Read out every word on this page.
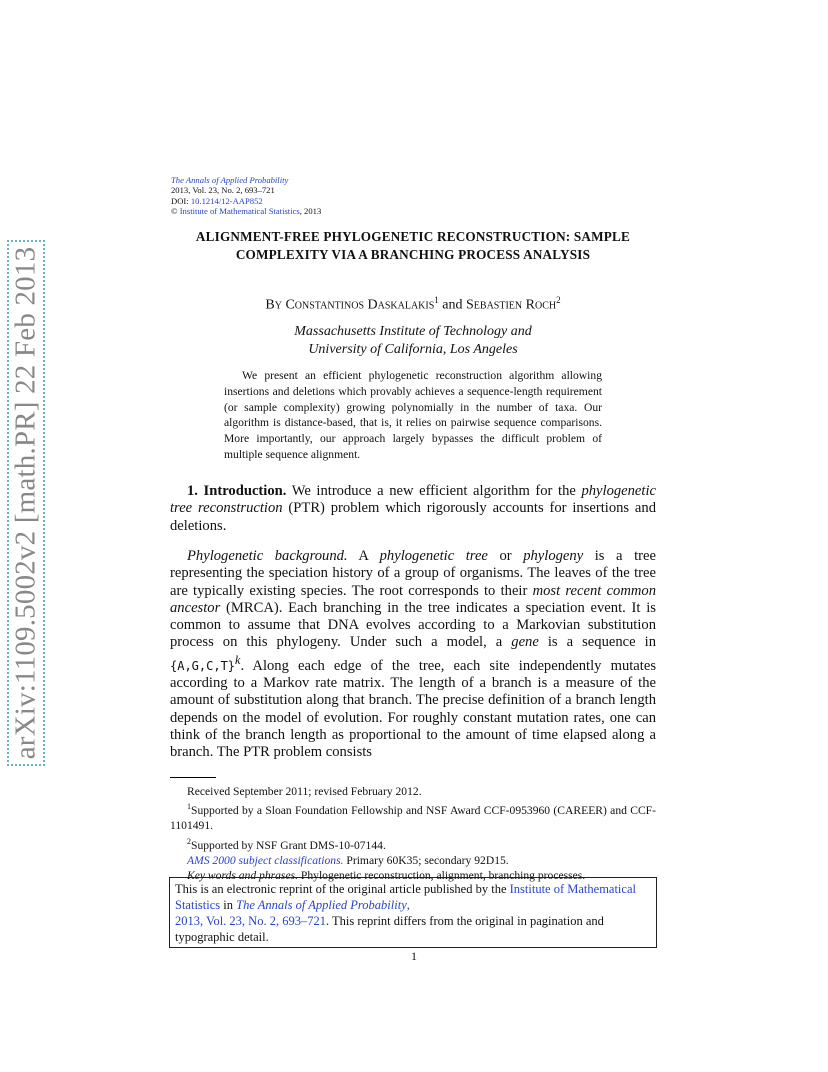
arXiv:1109.5002v2 [math.PR] 22 Feb 2013
The Annals of Applied Probability
2013, Vol. 23, No. 2, 693–721
DOI: 10.1214/12-AAP852
© Institute of Mathematical Statistics, 2013
ALIGNMENT-FREE PHYLOGENETIC RECONSTRUCTION: SAMPLE COMPLEXITY VIA A BRANCHING PROCESS ANALYSIS
By Constantinos Daskalakis$^1$ and Sebastien Roch$^2$
Massachusetts Institute of Technology and
University of California, Los Angeles
We present an efficient phylogenetic reconstruction algorithm allowing insertions and deletions which provably achieves a sequence-length requirement (or sample complexity) growing polynomially in the number of taxa. Our algorithm is distance-based, that is, it relies on pairwise sequence comparisons. More importantly, our approach largely bypasses the difficult problem of multiple sequence alignment.
1. Introduction. We introduce a new efficient algorithm for the phylogenetic tree reconstruction (PTR) problem which rigorously accounts for insertions and deletions.
Phylogenetic background. A phylogenetic tree or phylogeny is a tree representing the speciation history of a group of organisms. The leaves of the tree are typically existing species. The root corresponds to their most recent common ancestor (MRCA). Each branching in the tree indicates a speciation event. It is common to assume that DNA evolves according to a Markovian substitution process on this phylogeny. Under such a model, a gene is a sequence in $\{A,G,C,T\}^k$. Along each edge of the tree, each site independently mutates according to a Markov rate matrix. The length of a branch is a measure of the amount of substitution along that branch. The precise definition of a branch length depends on the model of evolution. For roughly constant mutation rates, one can think of the branch length as proportional to the amount of time elapsed along a branch. The PTR problem consists
Received September 2011; revised February 2012.
$^1$Supported by a Sloan Foundation Fellowship and NSF Award CCF-0953960 (CAREER) and CCF-1101491.
$^2$Supported by NSF Grant DMS-10-07144.
AMS 2000 subject classifications. Primary 60K35; secondary 92D15.
Key words and phrases. Phylogenetic reconstruction, alignment, branching processes.
This is an electronic reprint of the original article published by the Institute of Mathematical Statistics in The Annals of Applied Probability,
2013, Vol. 23, No. 2, 693–721. This reprint differs from the original in pagination and typographic detail.
1
